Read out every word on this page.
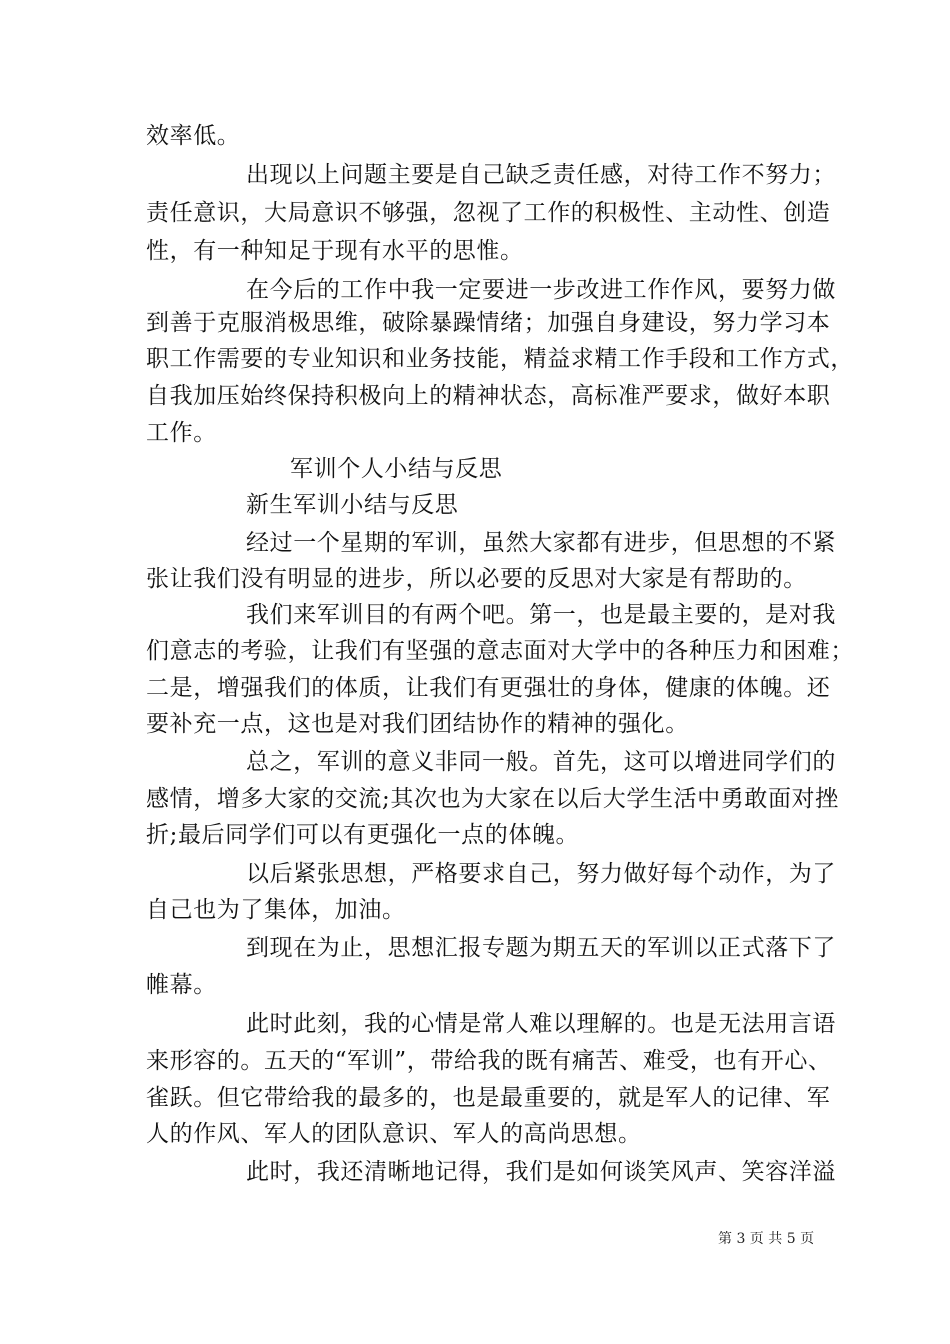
效率低。
出现以上问题主要是自己缺乏责任感，对待工作不努力；
责任意识，大局意识不够强，忽视了工作的积极性、主动性、创造
性，有一种知足于现有水平的思惟。
在今后的工作中我一定要进一步改进工作作风，要努力做
到善于克服消极思维，破除暴躁情绪；加强自身建设，努力学习本
职工作需要的专业知识和业务技能，精益求精工作手段和工作方式，
自我加压始终保持积极向上的精神状态，高标准严要求，做好本职
工作。
军训个人小结与反思
新生军训小结与反思
经过一个星期的军训，虽然大家都有进步，但思想的不紧
张让我们没有明显的进步，所以必要的反思对大家是有帮助的。
我们来军训目的有两个吧。第一，也是最主要的，是对我
们意志的考验，让我们有坚强的意志面对大学中的各种压力和困难；
二是，增强我们的体质，让我们有更强壮的身体，健康的体魄。还
要补充一点，这也是对我们团结协作的精神的强化。
总之，军训的意义非同一般。首先，这可以增进同学们的
感情，增多大家的交流;其次也为大家在以后大学生活中勇敢面对挫
折;最后同学们可以有更强化一点的体魄。
以后紧张思想，严格要求自己，努力做好每个动作，为了
自己也为了集体，加油。
到现在为止，思想汇报专题为期五天的军训以正式落下了
帷幕。
此时此刻，我的心情是常人难以理解的。也是无法用言语
来形容的。五天的“军训”，带给我的既有痛苦、难受，也有开心、
雀跃。但它带给我的最多的，也是最重要的，就是军人的记律、军
人的作风、军人的团队意识、军人的高尚思想。
此时，我还清晰地记得，我们是如何谈笑风声、笑容洋溢
第 3 页 共 5 页
